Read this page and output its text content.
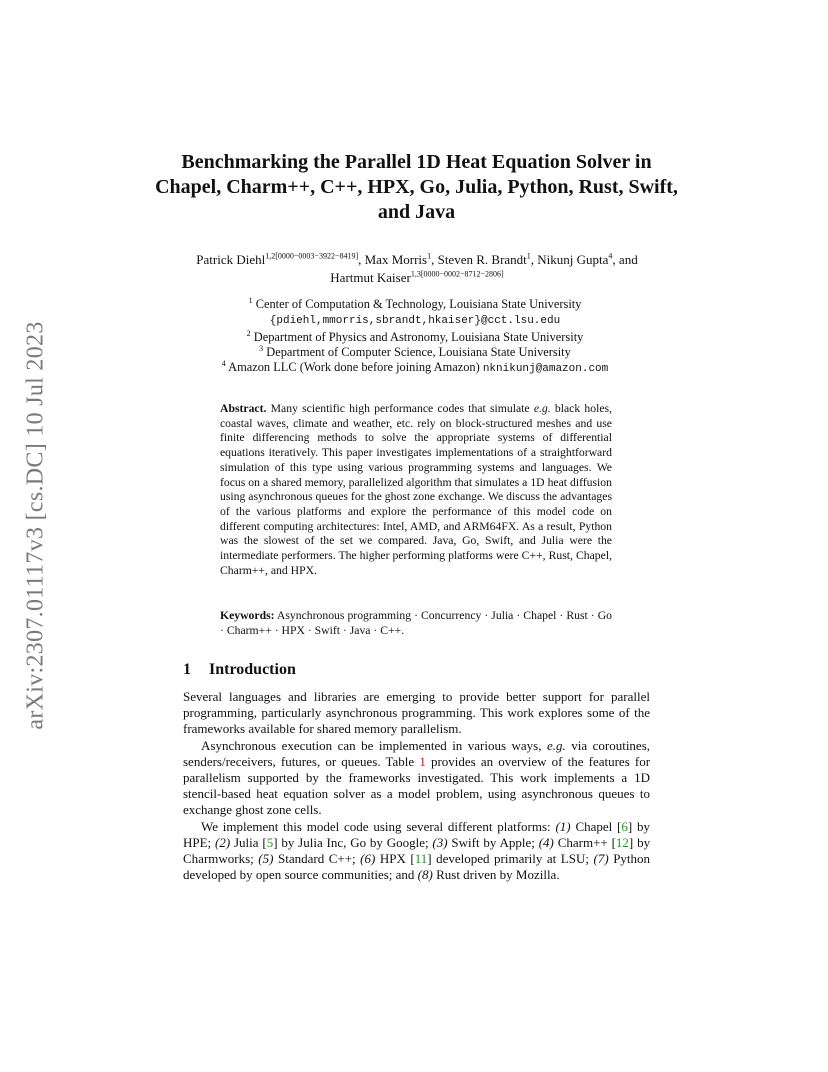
arXiv:2307.01117v3 [cs.DC] 10 Jul 2023
Benchmarking the Parallel 1D Heat Equation Solver in Chapel, Charm++, C++, HPX, Go, Julia, Python, Rust, Swift, and Java
Patrick Diehl$^{1,2[0000-0003-3922-8419]}$, Max Morris$^1$, Steven R. Brandt$^1$, Nikunj Gupta$^4$, and Hartmut Kaiser$^{1,3[0000-0002-8712-2806]}$
$^1$ Center of Computation & Technology, Louisiana State University
{pdiehl,mmorris,sbrandt,hkaiser}@cct.lsu.edu
$^2$ Department of Physics and Astronomy, Louisiana State University
$^3$ Department of Computer Science, Louisiana State University
$^4$ Amazon LLC (Work done before joining Amazon) nknikunj@amazon.com
Abstract. Many scientific high performance codes that simulate e.g. black holes, coastal waves, climate and weather, etc. rely on block-structured meshes and use finite differencing methods to solve the appropriate systems of differential equations iteratively. This paper investigates implementations of a straightforward simulation of this type using various programming systems and languages. We focus on a shared memory, parallelized algorithm that simulates a 1D heat diffusion using asynchronous queues for the ghost zone exchange. We discuss the advantages of the various platforms and explore the performance of this model code on different computing architectures: Intel, AMD, and ARM64FX. As a result, Python was the slowest of the set we compared. Java, Go, Swift, and Julia were the intermediate performers. The higher performing platforms were C++, Rust, Chapel, Charm++, and HPX.
Keywords: Asynchronous programming · Concurrency · Julia · Chapel · Rust · Go · Charm++ · HPX · Swift · Java · C++.
1 Introduction

Several languages and libraries are emerging to provide better support for parallel programming, particularly asynchronous programming. This work explores some of the frameworks available for shared memory parallelism.

Asynchronous execution can be implemented in various ways, e.g. via coroutines, senders/receivers, futures, or queues. Table 1 provides an overview of the features for parallelism supported by the frameworks investigated. This work implements a 1D stencil-based heat equation solver as a model problem, using asynchronous queues to exchange ghost zone cells.

We implement this model code using several different platforms: (1) Chapel [6] by HPE; (2) Julia [5] by Julia Inc, Go by Google; (3) Swift by Apple; (4) Charm++ [12] by Charmworks; (5) Standard C++; (6) HPX [11] developed primarily at LSU; (7) Python developed by open source communities; and (8) Rust driven by Mozilla.
